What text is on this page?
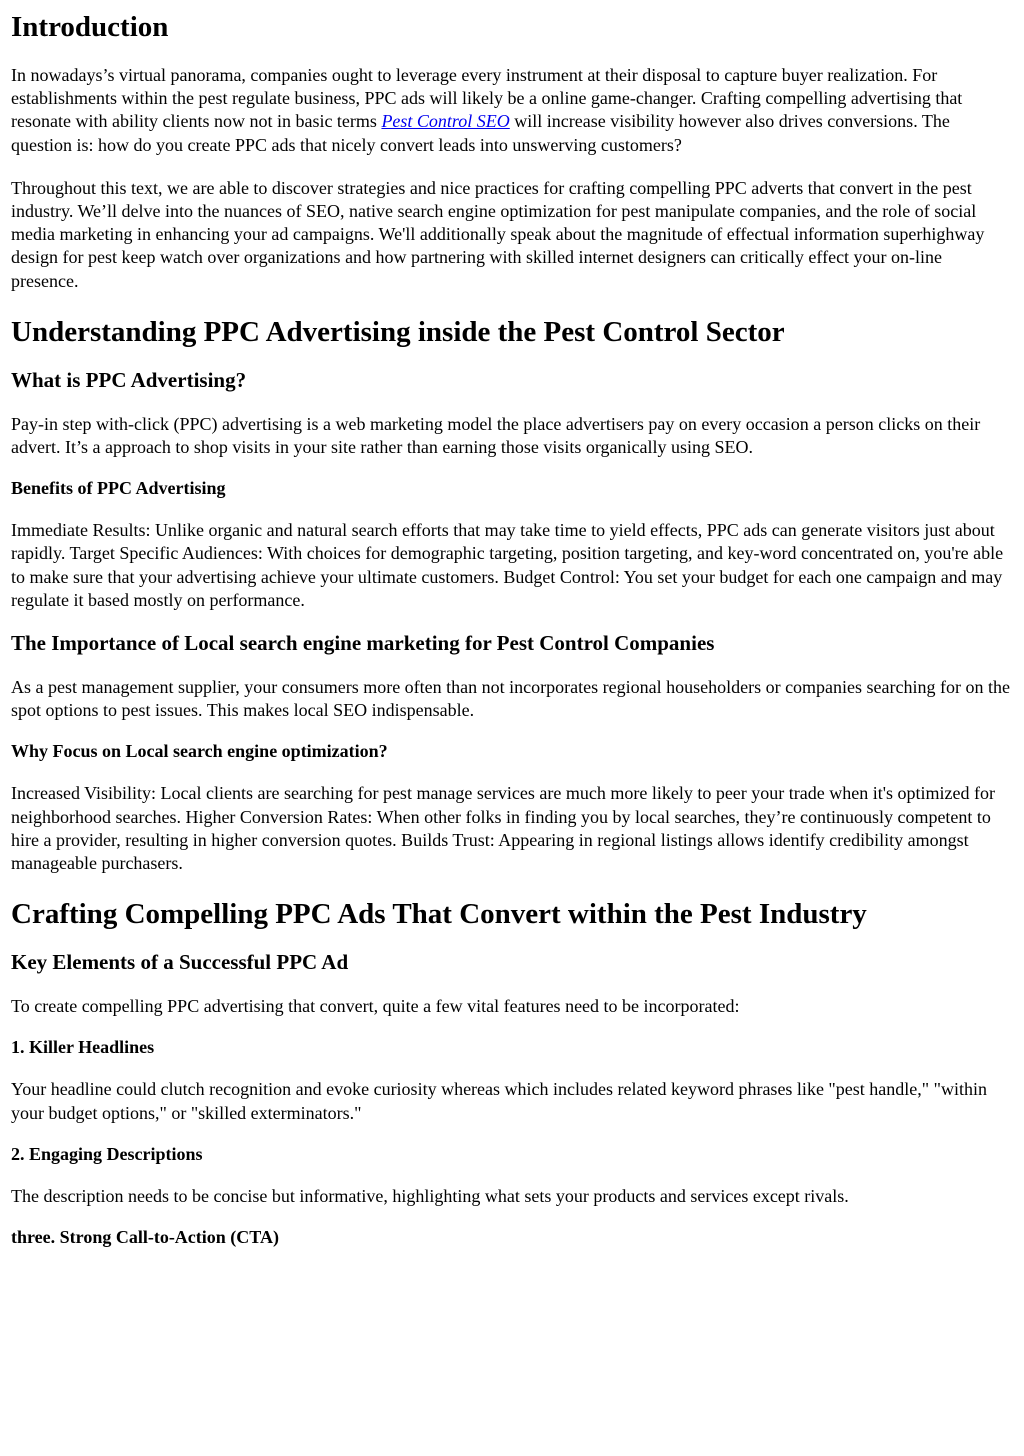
Introduction

In nowadays’s virtual panorama, companies ought to leverage every instrument at their disposal to capture buyer realization. For establishments within the pest regulate business, PPC ads will likely be a online game-changer. Crafting compelling advertising that resonate with ability clients now not in basic terms Pest Control SEO will increase visibility however also drives conversions. The question is: how do you create PPC ads that nicely convert leads into unswerving customers?

Throughout this text, we are able to discover strategies and nice practices for crafting compelling PPC adverts that convert in the pest industry. We’ll delve into the nuances of SEO, native search engine optimization for pest manipulate companies, and the role of social media marketing in enhancing your ad campaigns. We'll additionally speak about the magnitude of effectual information superhighway design for pest keep watch over organizations and how partnering with skilled internet designers can critically effect your on-line presence.

Understanding PPC Advertising inside the Pest Control Sector
What is PPC Advertising?

Pay-in step with-click (PPC) advertising is a web marketing model the place advertisers pay on every occasion a person clicks on their advert. It’s a approach to shop visits in your site rather than earning those visits organically using SEO.

Benefits of PPC Advertising

Immediate Results: Unlike organic and natural search efforts that may take time to yield effects, PPC ads can generate visitors just about rapidly. Target Specific Audiences: With choices for demographic targeting, position targeting, and key-word concentrated on, you're able to make sure that your advertising achieve your ultimate customers. Budget Control: You set your budget for each one campaign and may regulate it based mostly on performance.

The Importance of Local search engine marketing for Pest Control Companies

As a pest management supplier, your consumers more often than not incorporates regional householders or companies searching for on the spot options to pest issues. This makes local SEO indispensable.

Why Focus on Local search engine optimization?

Increased Visibility: Local clients are searching for pest manage services are much more likely to peer your trade when it's optimized for neighborhood searches. Higher Conversion Rates: When other folks in finding you by local searches, they’re continuously competent to hire a provider, resulting in higher conversion quotes. Builds Trust: Appearing in regional listings allows identify credibility amongst manageable purchasers.

Crafting Compelling PPC Ads That Convert within the Pest Industry
Key Elements of a Successful PPC Ad

To create compelling PPC advertising that convert, quite a few vital features need to be incorporated:

1. Killer Headlines

Your headline could clutch recognition and evoke curiosity whereas which includes related keyword phrases like "pest handle," "within your budget options," or "skilled exterminators."

2. Engaging Descriptions

The description needs to be concise but informative, highlighting what sets your products and services except rivals.

three. Strong Call-to-Action (CTA)
